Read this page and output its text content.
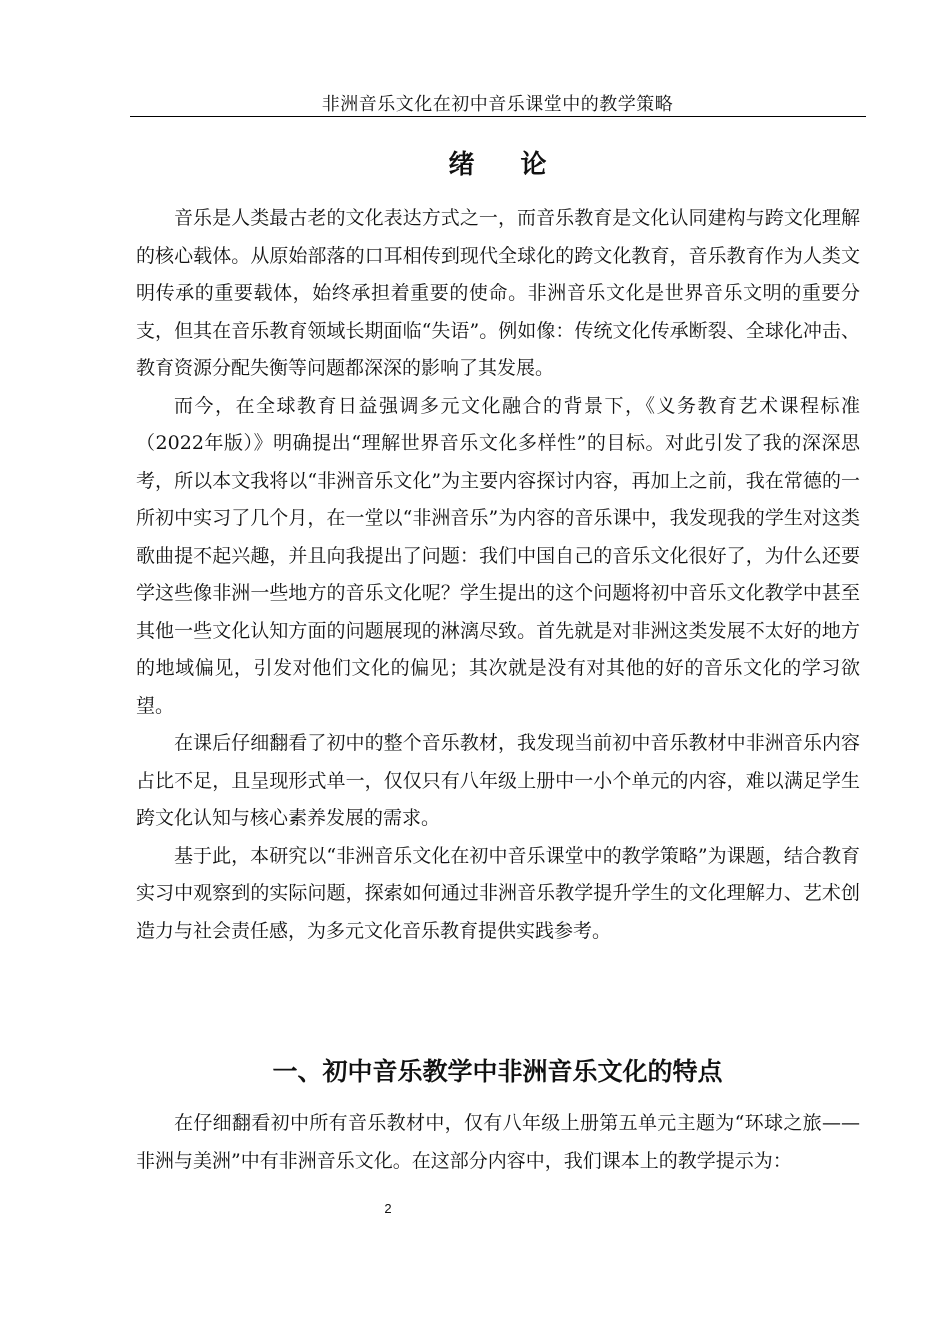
非洲音乐文化在初中音乐课堂中的教学策略
绪 论

音乐是人类最古老的文化表达方式之一，而音乐教育是文化认同建构与跨文化理解的核心载体。从原始部落的口耳相传到现代全球化的跨文化教育，音乐教育作为人类文明传承的重要载体，始终承担着重要的使命。非洲音乐文化是世界音乐文明的重要分支，但其在音乐教育领域长期面临“失语”。例如像：传统文化传承断裂、全球化冲击、教育资源分配失衡等问题都深深的影响了其发展。

而今，在全球教育日益强调多元文化融合的背景下，《义务教育艺术课程标准（2022年版）》明确提出“理解世界音乐文化多样性”的目标。对此引发了我的深深思考，所以本文我将以“非洲音乐文化”为主要内容探讨内容，再加上之前，我在常德的一所初中实习了几个月，在一堂以“非洲音乐”为内容的音乐课中，我发现我的学生对这类歌曲提不起兴趣，并且向我提出了问题：我们中国自己的音乐文化很好了，为什么还要学这些像非洲一些地方的音乐文化呢？学生提出的这个问题将初中音乐文化教学中甚至其他一些文化认知方面的问题展现的淋漓尽致。首先就是对非洲这类发展不太好的地方的地域偏见，引发对他们文化的偏见；其次就是没有对其他的好的音乐文化的学习欲望。

在课后仔细翻看了初中的整个音乐教材，我发现当前初中音乐教材中非洲音乐内容占比不足，且呈现形式单一，仅仅只有八年级上册中一小个单元的内容，难以满足学生跨文化认知与核心素养发展的需求。

基于此，本研究以“非洲音乐文化在初中音乐课堂中的教学策略”为课题，结合教育实习中观察到的实际问题，探索如何通过非洲音乐教学提升学生的文化理解力、艺术创造力与社会责任感，为多元文化音乐教育提供实践参考。

一、初中音乐教学中非洲音乐文化的特点

在仔细翻看初中所有音乐教材中，仅有八年级上册第五单元主题为“环球之旅——非洲与美洲”中有非洲音乐文化。在这部分内容中，我们课本上的教学提示为：

2
